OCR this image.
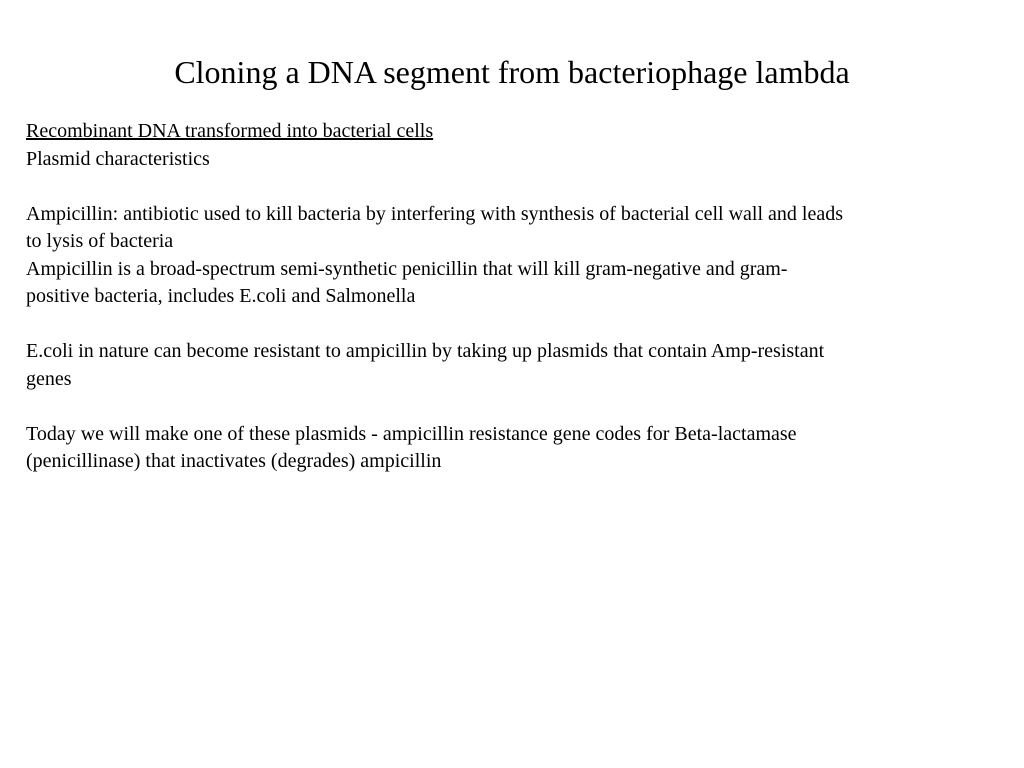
Cloning a DNA segment from bacteriophage lambda
Recombinant DNA transformed into bacterial cells
Plasmid characteristics
Ampicillin: antibiotic used to kill bacteria by interfering with synthesis of bacterial cell wall and leads
to lysis of bacteria
Ampicillin is a broad-spectrum semi-synthetic penicillin that will kill gram-negative and gram-
positive bacteria, includes E.coli and Salmonella
E.coli in nature can become resistant to ampicillin by taking up plasmids that contain Amp-resistant
genes
Today we will make one of these plasmids - ampicillin resistance gene codes for Beta-lactamase
(penicillinase) that inactivates (degrades) ampicillin
